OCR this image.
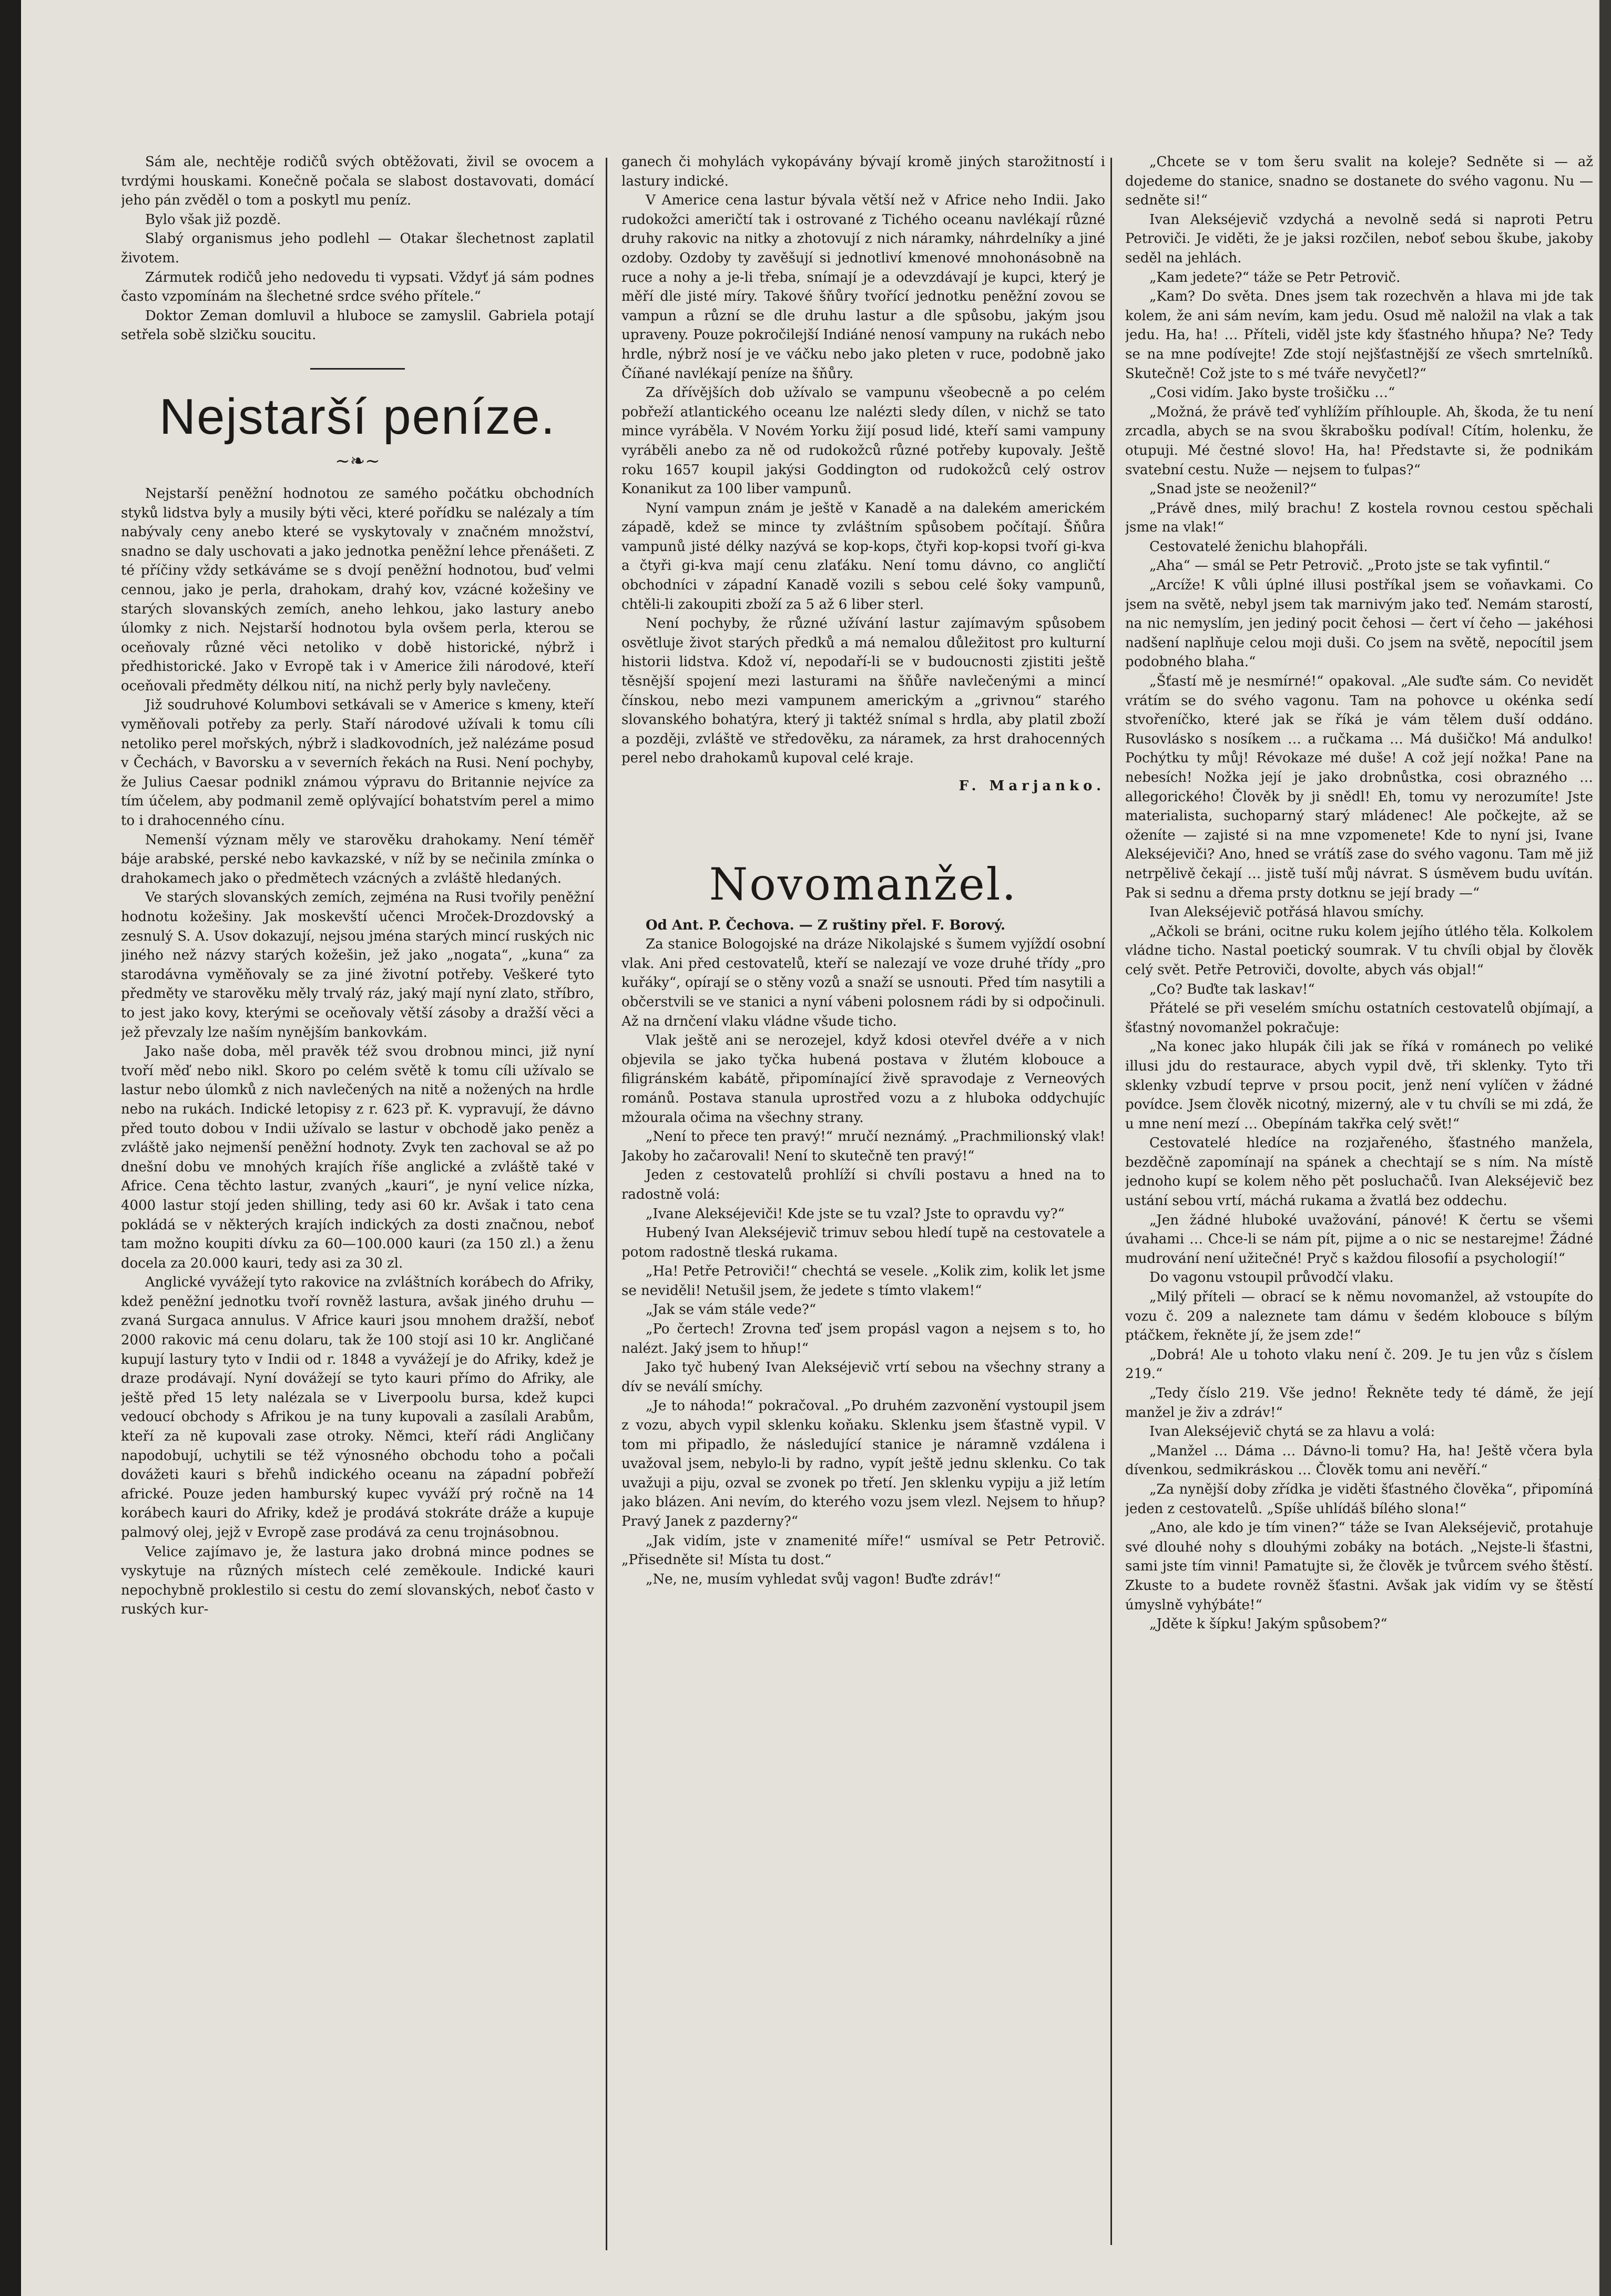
Sám ale, nechtěje rodičů svých obtěžovati, živil se ovocem a tvrdými houskami. Konečně počala se slabost dostavovati, domácí jeho pán zvěděl o tom a poskytl mu peníz.

Bylo však již pozdě.

Slabý organismus jeho podlehl — Otakar šlechetnost zaplatil životem.

Zármutek rodičů jeho nedovedu ti vypsati. Vždyť já sám podnes často vzpomínám na šlechetné srdce svého přítele.“

Doktor Zeman domluvil a hluboce se zamyslil. Gabriela potají setřela sobě slzičku soucitu.

Nejstarší peníze.
~❧~

Nejstarší peněžní hodnotou ze samého počátku obchodních styků lidstva byly a musily býti věci, které pořídku se nalézaly a tím nabývaly ceny anebo které se vyskytovaly v značném množství, snadno se daly uschovati a jako jednotka peněžní lehce přenášeti. Z té příčiny vždy setkáváme se s dvojí peněžní hodnotou, buď velmi cennou, jako je perla, drahokam, drahý kov, vzácné kožešiny ve starých slovanských zemích, aneho lehkou, jako lastury anebo úlomky z nich. Nejstarší hodnotou byla ovšem perla, kterou se oceňovaly různé věci netoliko v době historické, nýbrž i předhistorické. Jako v Evropě tak i v Americe žili národové, kteří oceňovali předměty délkou nití, na nichž perly byly navlečeny.

Již soudruhové Kolumbovi setkávali se v Americe s kmeny, kteří vyměňovali potřeby za perly. Staří národové užívali k tomu cíli netoliko perel mořských, nýbrž i sladkovodních, jež nalézáme posud v Čechách, v Bavorsku a v severních řekách na Rusi. Není pochyby, že Julius Caesar podnikl známou výpravu do Britannie nejvíce za tím účelem, aby podmanil země oplývající bohatstvím perel a mimo to i drahocenného cínu.

Nemenší význam měly ve starověku drahokamy. Není téměř báje arabské, perské nebo kavkazské, v níž by se nečinila zmínka o drahokamech jako o předmětech vzácných a zvláště hledaných.

Ve starých slovanských zemích, zejména na Rusi tvořily peněžní hodnotu kožešiny. Jak moskevští učenci Mroček-Drozdovský a zesnulý S. A. Usov dokazují, nejsou jména starých mincí ruských nic jiného než názvy starých kožešin, jež jako „nogata“, „kuna“ za starodávna vyměňovaly se za jiné životní potřeby. Veškeré tyto předměty ve starověku měly trvalý ráz, jaký mají nyní zlato, stříbro, to jest jako kovy, kterými se oceňovaly větší zásoby a dražší věci a jež převzaly lze naším nynějším bankovkám.

Jako naše doba, měl pravěk též svou drobnou minci, již nyní tvoří měď nebo nikl. Skoro po celém světě k tomu cíli užívalo se lastur nebo úlomků z nich navlečených na nitě a nožených na hrdle nebo na rukách. Indické letopisy z r. 623 př. K. vypravují, že dávno před touto dobou v Indii užívalo se lastur v obchodě jako peněz a zvláště jako nejmenší peněžní hodnoty. Zvyk ten zachoval se až po dnešní dobu ve mnohých krajích říše anglické a zvláště také v Africe. Cena těchto lastur, zvaných „kauri“, je nyní velice nízka, 4000 lastur stojí jeden shilling, tedy asi 60 kr. Avšak i tato cena pokládá se v některých krajích indických za dosti značnou, neboť tam možno koupiti dívku za 60—100.000 kauri (za 150 zl.) a ženu docela za 20.000 kauri, tedy asi za 30 zl.

Anglické vyvážejí tyto rakovice na zvláštních korábech do Afriky, kdež peněžní jednotku tvoří rovněž lastura, avšak jiného druhu — zvaná Surgaca annulus. V Africe kauri jsou mnohem dražší, neboť 2000 rakovic má cenu dolaru, tak že 100 stojí asi 10 kr. Angličané kupují lastury tyto v Indii od r. 1848 a vyvážejí je do Afriky, kdež je draze prodávají. Nyní dovážejí se tyto kauri přímo do Afriky, ale ještě před 15 lety nalézala se v Liverpoolu bursa, kdež kupci vedoucí obchody s Afrikou je na tuny kupovali a zasílali Arabům, kteří za ně kupovali zase otroky. Němci, kteří rádi Angličany napodobují, uchytili se též výnosného obchodu toho a počali dovážeti kauri s břehů indického oceanu na západní pobřeží africké. Pouze jeden hamburský kupec vyváží prý ročně na 14 korábech kauri do Afriky, kdež je prodává stokráte dráže a kupuje palmový olej, jejž v Evropě zase prodává za cenu trojnásobnou.

Velice zajímavo je, že lastura jako drobná mince podnes se vyskytuje na různých místech celé zeměkoule. Indické kauri nepochybně proklestilo si cestu do zemí slovanských, neboť často v ruských kur-

ganech či mohylách vykopávány bývají kromě jiných starožitností i lastury indické.

V Americe cena lastur bývala větší než v Africe neho Indii. Jako rudokožci američtí tak i ostrované z Tichého oceanu navlékají různé druhy rakovic na nitky a zhotovují z nich náramky, náhrdelníky a jiné ozdoby. Ozdoby ty zavěšují si jednotliví kmenové mnohonásobně na ruce a nohy a je-li třeba, snímají je a odevzdávají je kupci, který je měří dle jisté míry. Takové šňůry tvořící jednotku peněžní zovou se vampun a různí se dle druhu lastur a dle spůsobu, jakým jsou upraveny. Pouze pokročilejší Indiáné nenosí vampuny na rukách nebo hrdle, nýbrž nosí je ve váčku nebo jako pleten v ruce, podobně jako Číňané navlékají peníze na šňůry.

Za dřívějších dob užívalo se vampunu všeobecně a po celém pobřeží atlantického oceanu lze nalézti sledy dílen, v nichž se tato mince vyráběla. V Novém Yorku žijí posud lidé, kteří sami vampuny vyráběli anebo za ně od rudokožců různé potřeby kupovaly. Ještě roku 1657 koupil jakýsi Goddington od rudokožců celý ostrov Konanikut za 100 liber vampunů.

Nyní vampun znám je ještě v Kanadě a na dalekém americkém západě, kdež se mince ty zvláštním spůsobem počítají. Šňůra vampunů jisté délky nazývá se kop-kops, čtyři kop-kopsi tvoří gi-kva a čtyři gi-kva mají cenu zlaťáku. Není tomu dávno, co angličtí obchodníci v západní Kanadě vozili s sebou celé šoky vampunů, chtěli-li zakoupiti zboží za 5 až 6 liber sterl.

Není pochyby, že různé užívání lastur zajímavým spůsobem osvětluje život starých předků a má nemalou důležitost pro kulturní historii lidstva. Kdož ví, nepodaří-li se v budoucnosti zjistiti ještě těsnější spojení mezi lasturami na šňůře navlečenými a mincí čínskou, nebo mezi vampunem americkým a „grivnou“ starého slovanského bohatýra, který ji taktéž snímal s hrdla, aby platil zboží a později, zvláště ve středověku, za náramek, za hrst drahocenných perel nebo drahokamů kupoval celé kraje.

F. Marjanko.
Novomanžel.

Od Ant. P. Čechova. — Z ruštiny přel. F. Borový.

Za stanice Bologojské na dráze Nikolajské s šumem vyjíždí osobní vlak. Ani před cestovatelů, kteří se nalezají ve voze druhé třídy „pro kuřáky“, opírají se o stěny vozů a snaží se usnouti. Před tím nasytili a občerstvili se ve stanici a nyní vábeni polosnem rádi by si odpočinuli. Až na drnčení vlaku vládne všude ticho.

Vlak ještě ani se nerozejel, když kdosi otevřel dvéře a v nich objevila se jako tyčka hubená postava v žlutém klobouce a filigránském kabátě, připomínající živě spravodaje z Verneových románů. Postava stanula uprostřed vozu a z hluboka oddychujíc mžourala očima na všechny strany.

„Není to přece ten pravý!“ mručí neznámý. „Prachmilionský vlak! Jakoby ho začarovali! Není to skutečně ten pravý!“

Jeden z cestovatelů prohlíží si chvíli postavu a hned na to radostně volá:

„Ivane Alekséjeviči! Kde jste se tu vzal? Jste to opravdu vy?“

Hubený Ivan Alekséjevič trimuv sebou hledí tupě na cestovatele a potom radostně tleská rukama.

„Ha! Petře Petroviči!“ chechtá se vesele. „Kolik zim, kolik let jsme se neviděli! Netušil jsem, že jedete s tímto vlakem!“

„Jak se vám stále vede?“

„Po čertech! Zrovna teď jsem propásl vagon a nejsem s to, ho nalézt. Jaký jsem to hňup!“

Jako tyč hubený Ivan Alekséjevič vrtí sebou na všechny strany a dív se neválí smíchy.

„Je to náhoda!“ pokračoval. „Po druhém zazvonění vystoupil jsem z vozu, abych vypil sklenku koňaku. Sklenku jsem šťastně vypil. V tom mi připadlo, že následující stanice je náramně vzdálena i uvažoval jsem, nebylo-li by radno, vypít ještě jednu sklenku. Co tak uvažuji a piju, ozval se zvonek po třetí. Jen sklenku vypiju a již letím jako blázen. Ani nevím, do kterého vozu jsem vlezl. Nejsem to hňup? Pravý Janek z pazderny?“

„Jak vidím, jste v znamenité míře!“ usmíval se Petr Petrovič. „Přisedněte si! Místa tu dost.“

„Ne, ne, musím vyhledat svůj vagon! Buďte zdráv!“

„Chcete se v tom šeru svalit na koleje? Sedněte si — až dojedeme do stanice, snadno se dostanete do svého vagonu. Nu — sedněte si!“

Ivan Alekséjevič vzdychá a nevolně sedá si naproti Petru Petroviči. Je viděti, že je jaksi rozčilen, neboť sebou škube, jakoby seděl na jehlách.

„Kam jedete?“ táže se Petr Petrovič.

„Kam? Do světa. Dnes jsem tak rozechvěn a hlava mi jde tak kolem, že ani sám nevím, kam jedu. Osud mě naložil na vlak a tak jedu. Ha, ha! … Příteli, viděl jste kdy šťastného hňupa? Ne? Tedy se na mne podívejte! Zde stojí nejšťastnější ze všech smrtelníků. Skutečně! Což jste to s mé tváře nevyčetl?“

„Cosi vidím. Jako byste trošičku …“

„Možná, že právě teď vyhlížím příhlouple. Ah, škoda, že tu není zrcadla, abych se na svou škrabošku podíval! Cítím, holenku, že otupuji. Mé čestné slovo! Ha, ha! Představte si, že podnikám svatební cestu. Nuže — nejsem to ťulpas?“

„Snad jste se neoženil?“

„Právě dnes, milý brachu! Z kostela rovnou cestou spěchali jsme na vlak!“

Cestovatelé ženichu blahopřáli.

„Aha“ — smál se Petr Petrovič. „Proto jste se tak vyfintil.“

„Arcíže! K vůli úplné illusi postříkal jsem se voňavkami. Co jsem na světě, nebyl jsem tak marnivým jako teď. Nemám starostí, na nic nemyslím, jen jediný pocit čehosi — čert ví čeho — jakéhosi nadšení naplňuje celou moji duši. Co jsem na světě, nepocítil jsem podobného blaha.“

„Šťastí mě je nesmírné!“ opakoval. „Ale suďte sám. Co nevidět vrátím se do svého vagonu. Tam na pohovce u okénka sedí stvořeníčko, které jak se říká je vám tělem duší oddáno. Rusovlásko s nosíkem … a ručkama … Má dušičko! Má andulko! Pochýtku ty můj! Révokaze mé duše! A což její nožka! Pane na nebesích! Nožka její je jako drobnůstka, cosi obrazného … allegorického! Člověk by ji snědl! Eh, tomu vy nerozumíte! Jste materialista, suchoparný starý mládenec! Ale počkejte, až se oženíte — zajisté si na mne vzpomenete! Kde to nyní jsi, Ivane Alekséjeviči? Ano, hned se vrátíš zase do svého vagonu. Tam mě již netrpělivě čekají … jistě tuší můj návrat. S úsměvem budu uvítán. Pak si sednu a dřema prsty dotknu se její brady —“

Ivan Alekséjevič potřásá hlavou smíchy.

„Ačkoli se bráni, ocitne ruku kolem jejího útlého těla. Kolkolem vládne ticho. Nastal poetický soumrak. V tu chvíli objal by člověk celý svět. Petře Petroviči, dovolte, abych vás objal!“

„Co? Buďte tak laskav!“

Přátelé se při veselém smíchu ostatních cestovatelů objímají, a šťastný novomanžel pokračuje:

„Na konec jako hlupák čili jak se říká v románech po veliké illusi jdu do restaurace, abych vypil dvě, tři sklenky. Tyto tři sklenky vzbudí teprve v prsou pocit, jenž není vylíčen v žádné povídce. Jsem člověk nicotný, mizerný, ale v tu chvíli se mi zdá, že u mne není mezí … Obepínám takřka celý svět!“

Cestovatelé hledíce na rozjařeného, šťastného manžela, bezděčně zapomínají na spánek a chechtají se s ním. Na místě jednoho kupí se kolem něho pět posluchačů. Ivan Alekséjevič bez ustání sebou vrtí, máchá rukama a žvatlá bez oddechu.

„Jen žádné hluboké uvažování, pánové! K čertu se všemi úvahami … Chce-li se nám pít, pijme a o nic se nestarejme! Žádné mudrování není užitečné! Pryč s každou filosofií a psychologií!“

Do vagonu vstoupil průvodčí vlaku.

„Milý příteli — obrací se k němu novomanžel, až vstoupíte do vozu č. 209 a naleznete tam dámu v šedém klobouce s bílým ptáčkem, řekněte jí, že jsem zde!“

„Dobrá! Ale u tohoto vlaku není č. 209. Je tu jen vůz s číslem 219.“

„Tedy číslo 219. Vše jedno! Řekněte tedy té dámě, že její manžel je živ a zdráv!“

Ivan Alekséjevič chytá se za hlavu a volá:

„Manžel … Dáma … Dávno-li tomu? Ha, ha! Ještě včera byla dívenkou, sedmikráskou … Člověk tomu ani nevěří.“

„Za nynější doby zřídka je viděti šťastného člověka“, připomíná jeden z cestovatelů. „Spíše uhlídáš bílého slona!“

„Ano, ale kdo je tím vinen?“ táže se Ivan Alekséjevič, protahuje své dlouhé nohy s dlouhými zobáky na botách. „Nejste-li šťastni, sami jste tím vinni! Pamatujte si, že člověk je tvůrcem svého štěstí. Zkuste to a budete rovněž šťastni. Avšak jak vidím vy se štěstí úmyslně vyhýbáte!“

„Jděte k šípku! Jakým spůsobem?“
